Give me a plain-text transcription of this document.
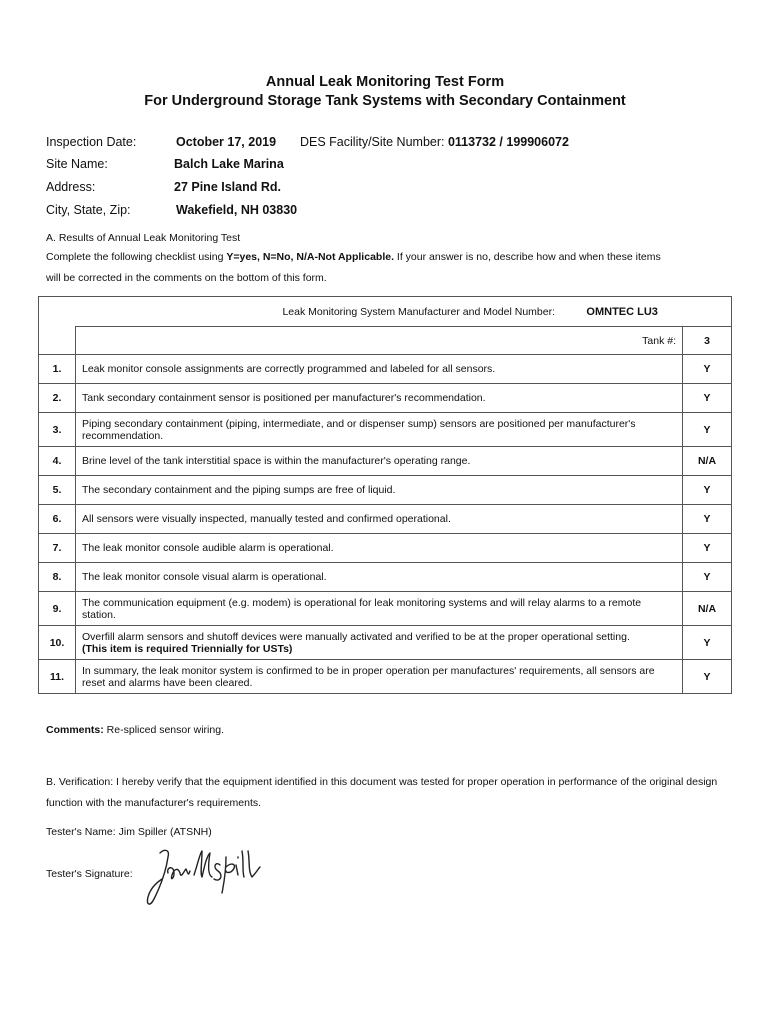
Annual Leak Monitoring Test Form
For Underground Storage Tank Systems with Secondary Containment
Inspection Date:	October 17, 2019 DES Facility/Site Number: 0113732 / 199906072
Site Name:	Balch Lake Marina
Address:	27 Pine Island Rd.
City, State, Zip:	Wakefield, NH 03830
A. Results of Annual Leak Monitoring Test
Complete the following checklist using Y=yes, N=No, N/A-Not Applicable. If your answer is no, describe how and when these items
will be corrected in the comments on the bottom of this form.
Leak Monitoring System Manufacturer and Model Number: OMNTEC LU3		
	Tank #:	3
1.	Leak monitor console assignments are correctly programmed and labeled for all sensors.	Y
2.	Tank secondary containment sensor is positioned per manufacturer's recommendation.	Y
3.	Piping secondary containment (piping, intermediate, and or dispenser sump) sensors are positioned per manufacturer's recommendation.	Y
4.	Brine level of the tank interstitial space is within the manufacturer's operating range.	N/A
5.	The secondary containment and the piping sumps are free of liquid.	Y
6.	All sensors were visually inspected, manually tested and confirmed operational.	Y
7.	The leak monitor console audible alarm is operational.	Y
8.	The leak monitor console visual alarm is operational.	Y
9.	The communication equipment (e.g. modem) is operational for leak monitoring systems and will relay alarms to a remote station.	N/A
10.	Overfill alarm sensors and shutoff devices were manually activated and verified to be at the proper operational setting.
(This item is required Triennially for USTs)	Y
11.	In summary, the leak monitor system is confirmed to be in proper operation per manufactures' requirements, all sensors are reset and alarms have been cleared.	Y
Comments: Re-spliced sensor wiring.
B. Verification: I hereby verify that the equipment identified in this document was tested for proper operation in performance of the original design function with the manufacturer's requirements.
Tester's Name: Jim Spiller (ATSNH)
Tester's Signature:
